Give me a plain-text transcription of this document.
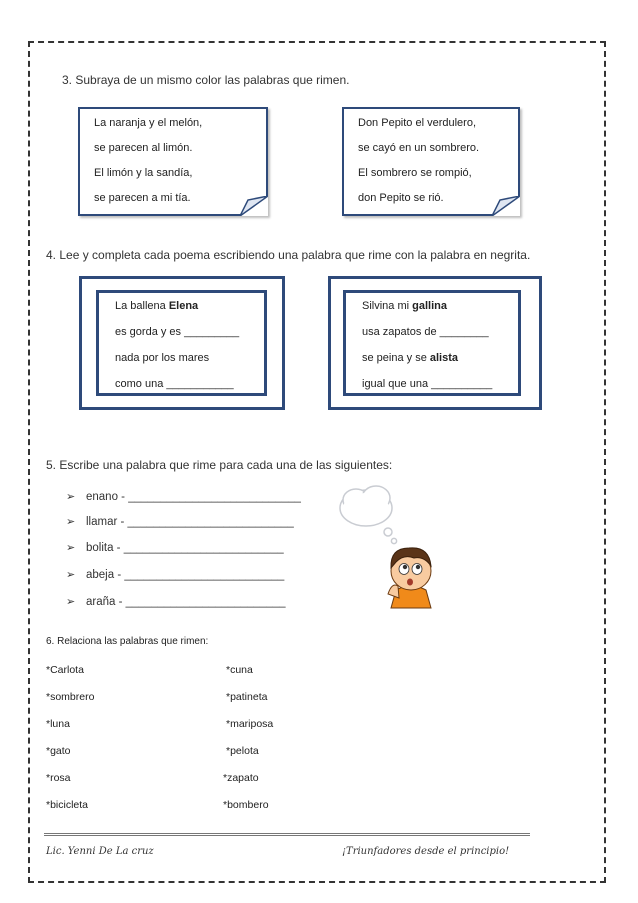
3. Subraya de un mismo color las palabras que rimen.
La naranja y el melón,
se parecen al limón.
El limón y la sandía,
se parecen a mi tía.
Don Pepito el verdulero,
se cayó en un sombrero.
El sombrero se rompió,
don Pepito se rió.
4. Lee y completa cada poema escribiendo una palabra que rime con la palabra en negrita.
La ballena Elena
es gorda y es _________
nada por los mares
como una ___________
Silvina mi gallina
usa zapatos de ________
se peina y se alista
igual que una __________
5. Escribe una palabra que rime para cada una de las siguientes:
➢ enano - ___________________________
➢ llamar - __________________________
➢ bolita - _________________________
➢ abeja - _________________________
➢ araña - _________________________
6. Relaciona las palabras que rimen:
*Carlota
*sombrero
*luna
*gato
*rosa
*bicicleta
*cuna
*patineta
*mariposa
*pelota
*zapato
*bombero
Lic. Yenni De La cruz	¡Triunfadores desde el principio!
